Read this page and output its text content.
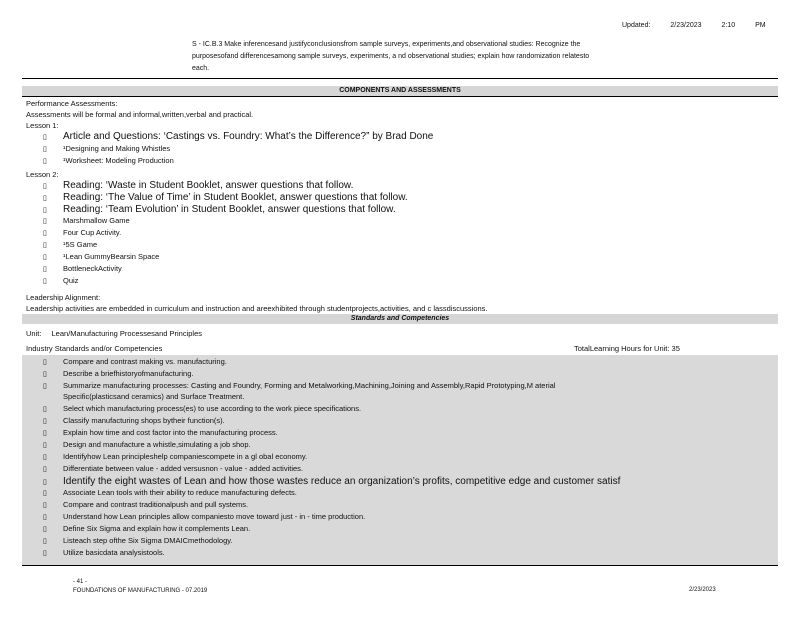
Updated:	2/23/2023	2:10	PM
S - IC.B.3 Make inferencesand justifyconclusionsfrom sample surveys, experiments,and observational studies: Recognize the
purposesofand differencesamong sample surveys, experiments, a nd observational studies; explain how randomization relatesto
each.
COMPONENTS AND ASSESSMENTS
Performance Assessments:
Assessments will be formal and informal,written,verbal and practical.
Lesson 1:
▯ Article and Questions: ‘Castings vs. Foundry: What’s the Difference?” by Brad Done
▯ ¹Designing and Making Whistles
▯ ¹Worksheet: Modeling Production
Lesson 2:
▯ Reading: ‘Waste in Student Booklet, answer questions that follow.
▯ Reading: ‘The Value of Time’ in Student Booklet, answer questions that follow.
▯ Reading: ‘Team Evolution’ in Student Booklet, answer questions that follow.
▯ Marshmallow Game
▯ Four Cup Activity.
▯ ¹5S Game
▯ ¹Lean GummyBearsin Space
▯ BottleneckActivity
▯ Quiz
Leadership Alignment:
Leadership activities are embedded in curriculum and instruction and areexhibited through studentprojects,activities, and c lassdiscussions.
Standards and Competencies
Unit: Lean/Manufacturing Processesand Principles
Industry Standards and/or Competencies	TotalLearning Hours for Unit: 35
▯ Compare and contrast making vs. manufacturing.
▯ Describe a briefhistoryofmanufacturing.
▯ Summarize manufacturing processes: Casting and Foundry, Forming and Metalworking,Machining,Joining and Assembly,Rapid Prototyping,M aterial
Specific(plasticsand ceramics) and Surface Treatment.
▯ Select which manufacturing process(es) to use according to the work piece specifications.
▯ Classify manufacturing shops bytheir function(s).
▯ Explain how time and cost factor into the manufacturing process.
▯ Design and manufacture a whistle,simulating a job shop.
▯ Identifyhow Lean principleshelp companiescompete in a gl obal economy.
▯ Differentiate between value - added versusnon - value - added activities.
▯ Identify the eight wastes of Lean and how those wastes reduce an organization’s profits, competitive edge and customer satisf
▯ Associate Lean tools with their ability to reduce manufacturing defects.
▯ Compare and contrast traditionalpush and pull systems.
▯ Understand how Lean principles allow companiesto move toward just - in - time production.
▯ Define Six Sigma and explain how it complements Lean.
▯ Listeach step ofthe Six Sigma DMAICmethodology.
▯ Utilize basicdata analysistools.
- 41 -
FOUNDATIONS OF MANUFACTURING - 07.2019	2/23/2023
